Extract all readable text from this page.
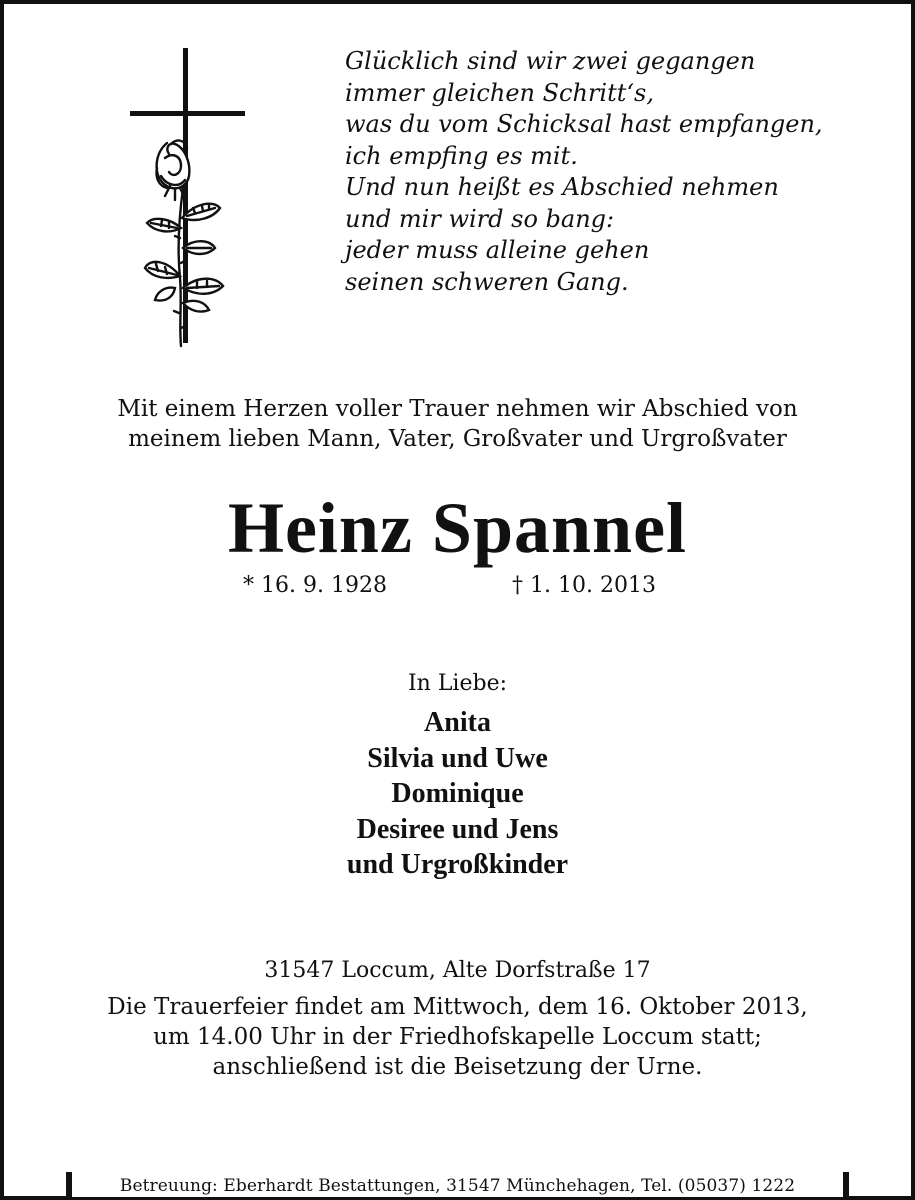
Glücklich sind wir zwei gegangen
immer gleichen Schritt‘s,
was du vom Schicksal hast empfangen,
ich empfing es mit.
Und nun heißt es Abschied nehmen
und mir wird so bang:
jeder muss alleine gehen
seinen schweren Gang.
Mit einem Herzen voller Trauer nehmen wir Abschied von
meinem lieben Mann, Vater, Großvater und Urgroßvater
Heinz Spannel
* 16. 9. 1928	† 1. 10. 2013
In Liebe:
Anita
Silvia und Uwe
Dominique
Desiree und Jens
und Urgroßkinder
31547 Loccum, Alte Dorfstraße 17
Die Trauerfeier findet am Mittwoch, dem 16. Oktober 2013,
um 14.00 Uhr in der Friedhofskapelle Loccum statt;
anschließend ist die Beisetzung der Urne.
Betreuung: Eberhardt Bestattungen, 31547 Münchehagen, Tel. (05037) 1222
